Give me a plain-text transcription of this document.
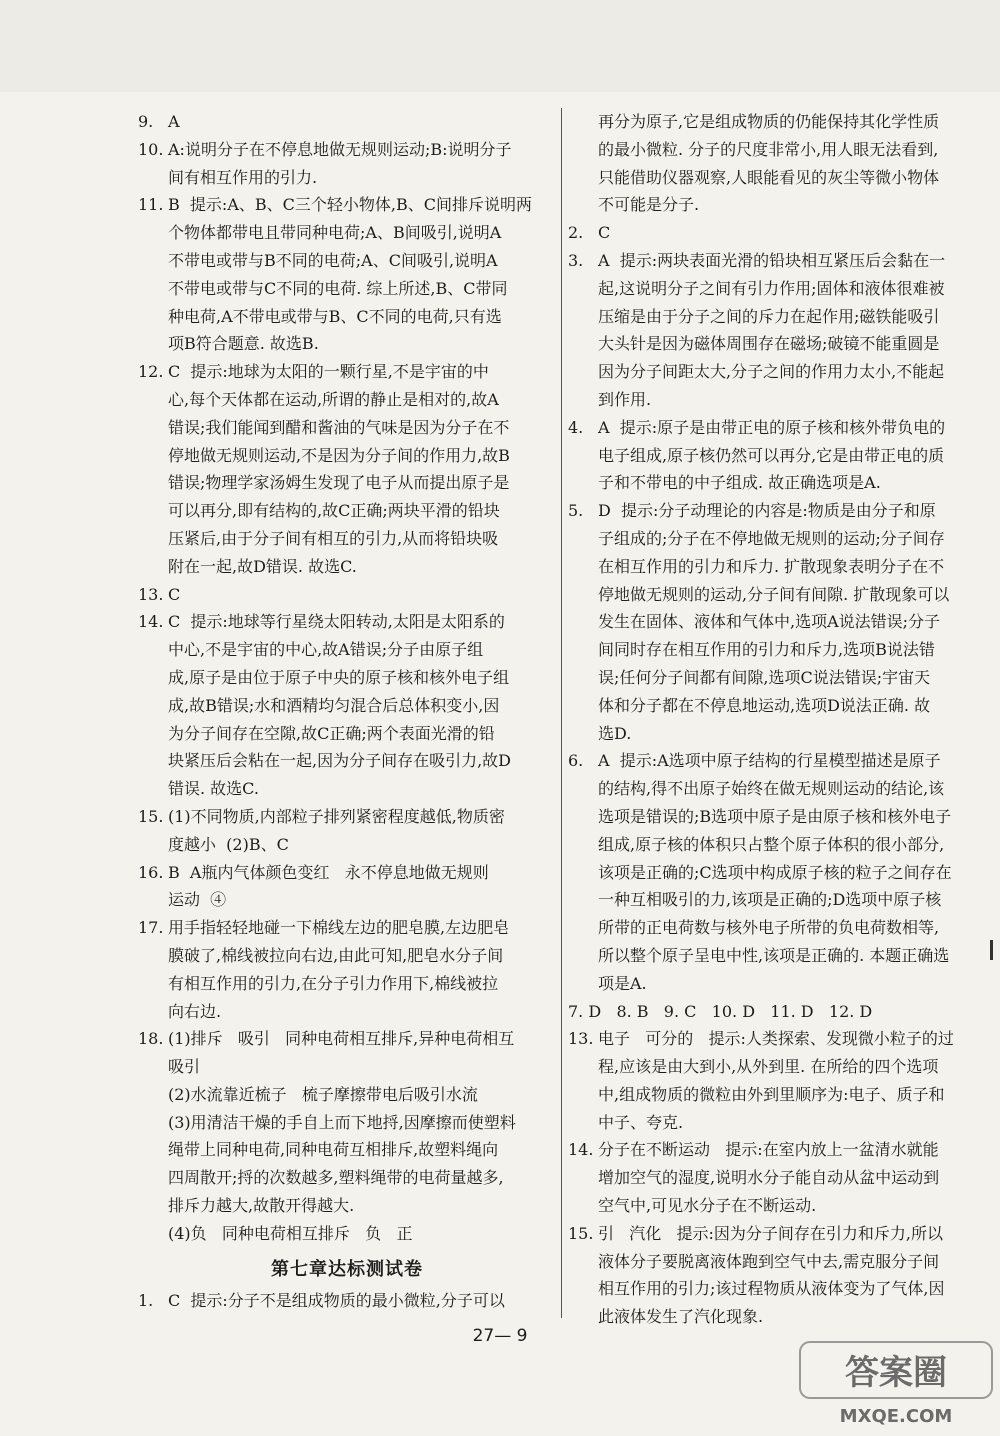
9. A
10. A:说明分子在不停息地做无规则运动;B:说明分子
间有相互作用的引力.
11. B  提示:A、B、C三个轻小物体,B、C间排斥说明两
个物体都带电且带同种电荷;A、B间吸引,说明A
不带电或带与B不同的电荷;A、C间吸引,说明A
不带电或带与C不同的电荷. 综上所述,B、C带同
种电荷,A不带电或带与B、C不同的电荷,只有选
项B符合题意. 故选B.
12. C  提示:地球为太阳的一颗行星,不是宇宙的中
心,每个天体都在运动,所谓的静止是相对的,故A
错误;我们能闻到醋和酱油的气味是因为分子在不
停地做无规则运动,不是因为分子间的作用力,故B
错误;物理学家汤姆生发现了电子从而提出原子是
可以再分,即有结构的,故C正确;两块平滑的铅块
压紧后,由于分子间有相互的引力,从而将铅块吸
附在一起,故D错误. 故选C.
13. C
14. C  提示:地球等行星绕太阳转动,太阳是太阳系的
中心,不是宇宙的中心,故A错误;分子由原子组
成,原子是由位于原子中央的原子核和核外电子组
成,故B错误;水和酒精均匀混合后总体积变小,因
为分子间存在空隙,故C正确;两个表面光滑的铅
块紧压后会粘在一起,因为分子间存在吸引力,故D
错误. 故选C.
15. (1)不同物质,内部粒子排列紧密程度越低,物质密
度越小  (2)B、C
16. B  A瓶内气体颜色变红   永不停息地做无规则
运动  ④
17. 用手指轻轻地碰一下棉线左边的肥皂膜,左边肥皂
膜破了,棉线被拉向右边,由此可知,肥皂水分子间
有相互作用的引力,在分子引力作用下,棉线被拉
向右边.
18. (1)排斥   吸引   同种电荷相互排斥,异种电荷相互
吸引
(2)水流靠近梳子   梳子摩擦带电后吸引水流
(3)用清洁干燥的手自上而下地捋,因摩擦而使塑料
绳带上同种电荷,同种电荷互相排斥,故塑料绳向
四周散开;捋的次数越多,塑料绳带的电荷量越多,
排斥力越大,故散开得越大.
(4)负   同种电荷相互排斥   负   正
第七章达标测试卷
1. C  提示:分子不是组成物质的最小微粒,分子可以
再分为原子,它是组成物质的仍能保持其化学性质
的最小微粒. 分子的尺度非常小,用人眼无法看到,
只能借助仪器观察,人眼能看见的灰尘等微小物体
不可能是分子.
2. C
3. A  提示:两块表面光滑的铅块相互紧压后会黏在一
起,这说明分子之间有引力作用;固体和液体很难被
压缩是由于分子之间的斥力在起作用;磁铁能吸引
大头针是因为磁体周围存在磁场;破镜不能重圆是
因为分子间距太大,分子之间的作用力太小,不能起
到作用.
4. A  提示:原子是由带正电的原子核和核外带负电的
电子组成,原子核仍然可以再分,它是由带正电的质
子和不带电的中子组成. 故正确选项是A.
5. D  提示:分子动理论的内容是:物质是由分子和原
子组成的;分子在不停地做无规则的运动;分子间存
在相互作用的引力和斥力. 扩散现象表明分子在不
停地做无规则的运动,分子间有间隙. 扩散现象可以
发生在固体、液体和气体中,选项A说法错误;分子
间同时存在相互作用的引力和斥力,选项B说法错
误;任何分子间都有间隙,选项C说法错误;宇宙天
体和分子都在不停息地运动,选项D说法正确. 故
选D.
6. A  提示:A选项中原子结构的行星模型描述是原子
的结构,得不出原子始终在做无规则运动的结论,该
选项是错误的;B选项中原子是由原子核和核外电子
组成,原子核的体积只占整个原子体积的很小部分,
该项是正确的;C选项中构成原子核的粒子之间存在
一种互相吸引的力,该项是正确的;D选项中原子核
所带的正电荷数与核外电子所带的负电荷数相等,
所以整个原子呈电中性,该项是正确的. 本题正确选
项是A.
7. D   8. B   9. C   10. D   11. D   12. D
13. 电子   可分的   提示:人类探索、发现微小粒子的过
程,应该是由大到小,从外到里. 在所给的四个选项
中,组成物质的微粒由外到里顺序为:电子、质子和
中子、夸克.
14. 分子在不断运动   提示:在室内放上一盆清水就能
增加空气的湿度,说明水分子能自动从盆中运动到
空气中,可见水分子在不断运动.
15. 引   汽化   提示:因为分子间存在引力和斥力,所以
液体分子要脱离液体跑到空气中去,需克服分子间
相互作用的引力;该过程物质从液体变为了气体,因
此液体发生了汽化现象.
27— 9
答案圈
MXQE.COM
